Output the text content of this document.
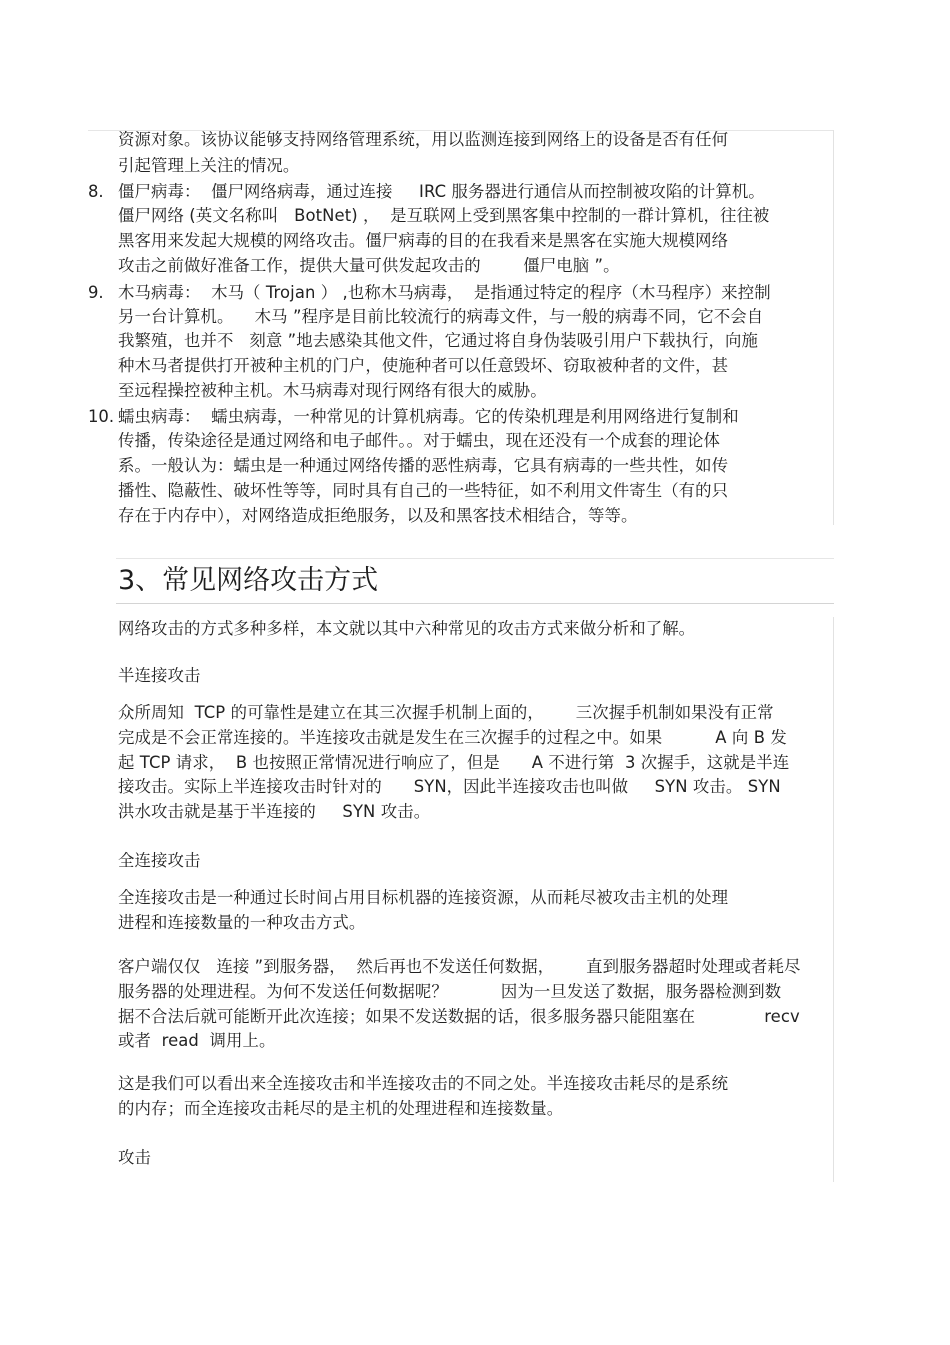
资源对象。该协议能够支持网络管理系统，用以监测连接到网络上的设备是否有任何
引起管理上关注的情况。
8. 僵尸病毒：  僵尸网络病毒，通过连接     IRC 服务器进行通信从而控制被攻陷的计算机。
僵尸网络 (英文名称叫   BotNet) ，  是互联网上受到黑客集中控制的一群计算机，往往被
黑客用来发起大规模的网络攻击。僵尸病毒的目的在我看来是黑客在实施大规模网络
攻击之前做好准备工作，提供大量可供发起攻击的        僵尸电脑 ”。
9. 木马病毒：  木马（ Trojan ） ,也称木马病毒，  是指通过特定的程序（木马程序）来控制
另一台计算机。    木马 ”程序是目前比较流行的病毒文件，与一般的病毒不同，它不会自
我繁殖，也并不   刻意 ”地去感染其他文件，它通过将自身伪装吸引用户下载执行，向施
种木马者提供打开被种主机的门户，使施种者可以任意毁坏、窃取被种者的文件，甚
至远程操控被种主机。木马病毒对现行网络有很大的威胁。
10. 蠕虫病毒：  蠕虫病毒，一种常见的计算机病毒。它的传染机理是利用网络进行复制和
传播，传染途径是通过网络和电子邮件。。对于蠕虫，现在还没有一个成套的理论体
系。一般认为：蠕虫是一种通过网络传播的恶性病毒，它具有病毒的一些共性，如传
播性、隐蔽性、破坏性等等，同时具有自己的一些特征，如不利用文件寄生（有的只
存在于内存中），对网络造成拒绝服务，以及和黑客技术相结合，等等。
3、常见网络攻击方式
网络攻击的方式多种多样，本文就以其中六种常见的攻击方式来做分析和了解。
半连接攻击
众所周知  TCP 的可靠性是建立在其三次握手机制上面的，      三次握手机制如果没有正常
完成是不会正常连接的。半连接攻击就是发生在三次握手的过程之中。如果          A 向 B 发
起 TCP 请求，  B 也按照正常情况进行响应了，但是      A 不进行第  3 次握手，这就是半连
接攻击。实际上半连接攻击时针对的      SYN，因此半连接攻击也叫做     SYN 攻击。 SYN
洪水攻击就是基于半连接的     SYN 攻击。
全连接攻击
全连接攻击是一种通过长时间占用目标机器的连接资源，从而耗尽被攻击主机的处理
进程和连接数量的一种攻击方式。
客户端仅仅   连接 ”到服务器，  然后再也不发送任何数据，      直到服务器超时处理或者耗尽
服务器的处理进程。为何不发送任何数据呢？          因为一旦发送了数据，服务器检测到数
据不合法后就可能断开此次连接；如果不发送数据的话，很多服务器只能阻塞在             recv
或者  read  调用上。
这是我们可以看出来全连接攻击和半连接攻击的不同之处。半连接攻击耗尽的是系统
的内存；而全连接攻击耗尽的是主机的处理进程和连接数量。
攻击
